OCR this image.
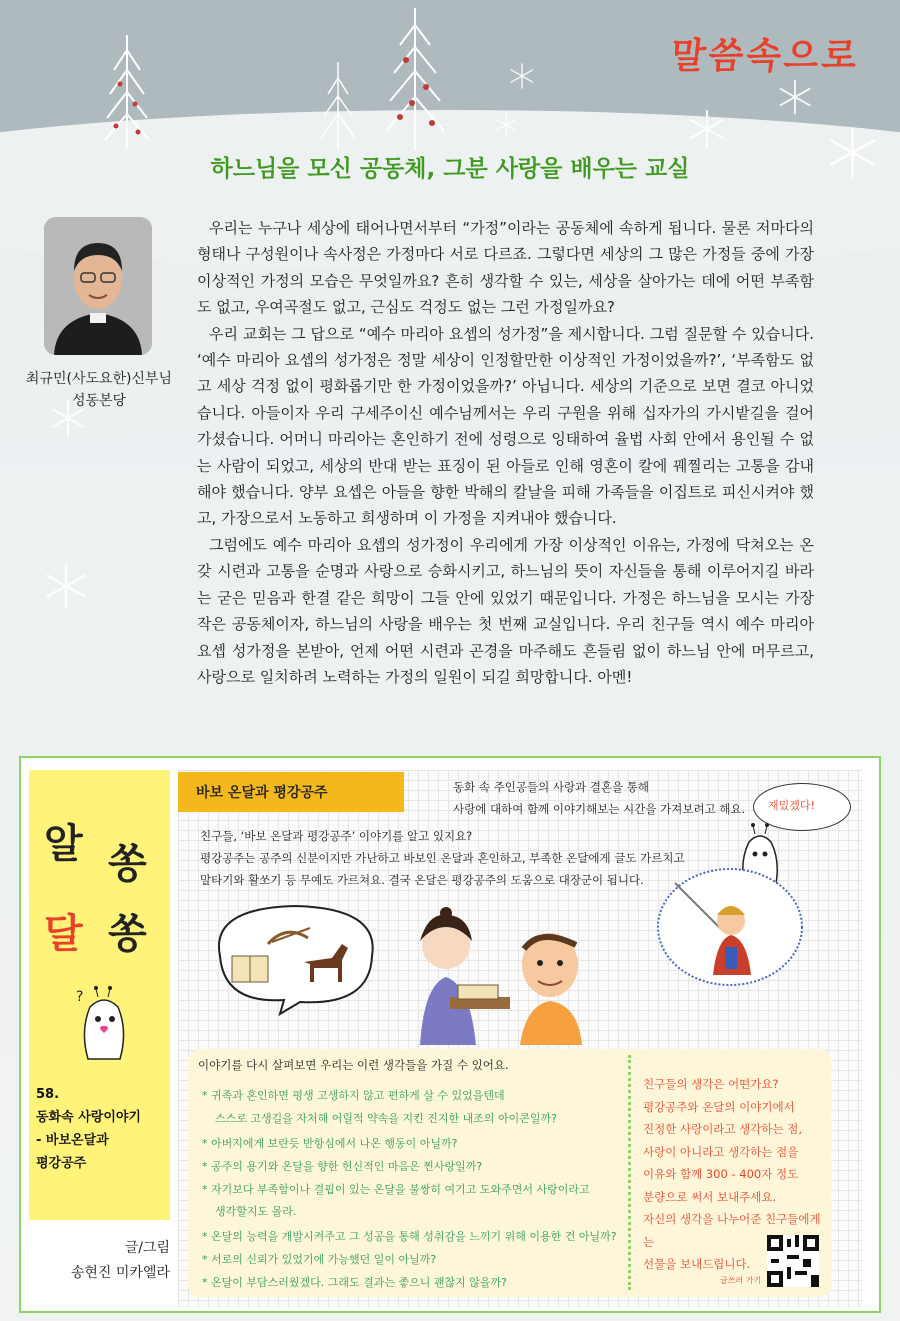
말씀속으로
하느님을 모신 공동체, 그분 사랑을 배우는 교실
최규민(사도요한)신부님
성동본당

우리는 누구나 세상에 태어나면서부터 “가정”이라는 공동체에 속하게 됩니다. 물론 저마다의 형태나 구성원이나 속사정은 가정마다 서로 다르죠. 그렇다면 세상의 그 많은 가정들 중에 가장 이상적인 가정의 모습은 무엇일까요? 흔히 생각할 수 있는, 세상을 살아가는 데에 어떤 부족함도 없고, 우여곡절도 없고, 근심도 걱정도 없는 그런 가정일까요?

우리 교회는 그 답으로 “예수 마리아 요셉의 성가정”을 제시합니다. 그럼 질문할 수 있습니다. ‘예수 마리아 요셉의 성가정은 정말 세상이 인정할만한 이상적인 가정이었을까?’, ‘부족함도 없고 세상 걱정 없이 평화롭기만 한 가정이었을까?’ 아닙니다. 세상의 기준으로 보면 결코 아니었습니다. 아들이자 우리 구세주이신 예수님께서는 우리 구원을 위해 십자가의 가시밭길을 걸어가셨습니다. 어머니 마리아는 혼인하기 전에 성령으로 잉태하여 율법 사회 안에서 용인될 수 없는 사람이 되었고, 세상의 반대 받는 표징이 된 아들로 인해 영혼이 칼에 꿰찔리는 고통을 감내해야 했습니다. 양부 요셉은 아들을 향한 박해의 칼날을 피해 가족들을 이집트로 피신시켜야 했고, 가장으로서 노동하고 희생하며 이 가정을 지켜내야 했습니다.

그럼에도 예수 마리아 요셉의 성가정이 우리에게 가장 이상적인 이유는, 가정에 닥쳐오는 온갖 시련과 고통을 순명과 사랑으로 승화시키고, 하느님의 뜻이 자신들을 통해 이루어지길 바라는 굳은 믿음과 한결 같은 희망이 그들 안에 있었기 때문입니다. 가정은 하느님을 모시는 가장 작은 공동체이자, 하느님의 사랑을 배우는 첫 번째 교실입니다. 우리 친구들 역시 예수 마리아 요셉 성가정을 본받아, 언제 어떤 시련과 곤경을 마주해도 흔들림 없이 하느님 안에 머무르고, 사랑으로 일치하려 노력하는 가정의 일원이 되길 희망합니다. 아멘!

알 쏭
달 쏭
?
58.
동화속 사랑이야기
- 바보온달과
평강공주
글/그림
송현진 미카엘라
바보 온달과 평강공주	동화 속 주인공들의 사랑과 결혼을 통해
사랑에 대하여 함께 이야기해보는 시간을 가져보려고 해요. 재밌겠다!
친구들, ‘바보 온달과 평강공주’ 이야기를 알고 있지요?
평강공주는 공주의 신분이지만 가난하고 바보인 온달과 혼인하고, 부족한 온달에게 글도 가르치고
말타기와 활쏘기 등 무예도 가르쳐요. 결국 온달은 평강공주의 도움으로 대장군이 됩니다.
이야기를 다시 살펴보면 우리는 이런 생각들을 가질 수 있어요.
* 귀족과 혼인하면 평생 고생하지 않고 편하게 살 수 있었을텐데
스스로 고생길을 자처해 어릴적 약속을 지킨 진지한 내조의 아이콘일까?
* 아버지에게 보란듯 반항심에서 나온 행동이 아닐까?
* 공주의 용기와 온달을 향한 헌신적인 마음은 찐사랑일까?
* 자기보다 부족함이나 결핍이 있는 온달을 불쌍히 여기고 도와주면서 사랑이라고
생각할지도 몰라.
* 온달의 능력을 개발시켜주고 그 성공을 통해 성취감을 느끼기 위해 이용한 건 아닐까?
* 서로의 신뢰가 있었기에 가능했던 일이 아닐까?
* 온달이 부담스러웠겠다. 그래도 결과는 좋으니 괜찮지 않을까?
친구들의 생각은 어떤가요?
평강공주와 온달의 이야기에서
진정한 사랑이라고 생각하는 점,
사랑이 아니라고 생각하는 점을
이유와 함께 300 - 400자 정도
분량으로 써서 보내주세요.
자신의 생각을 나누어준 친구들에게는
선물을 보내드립니다.
글쓰러 가기
